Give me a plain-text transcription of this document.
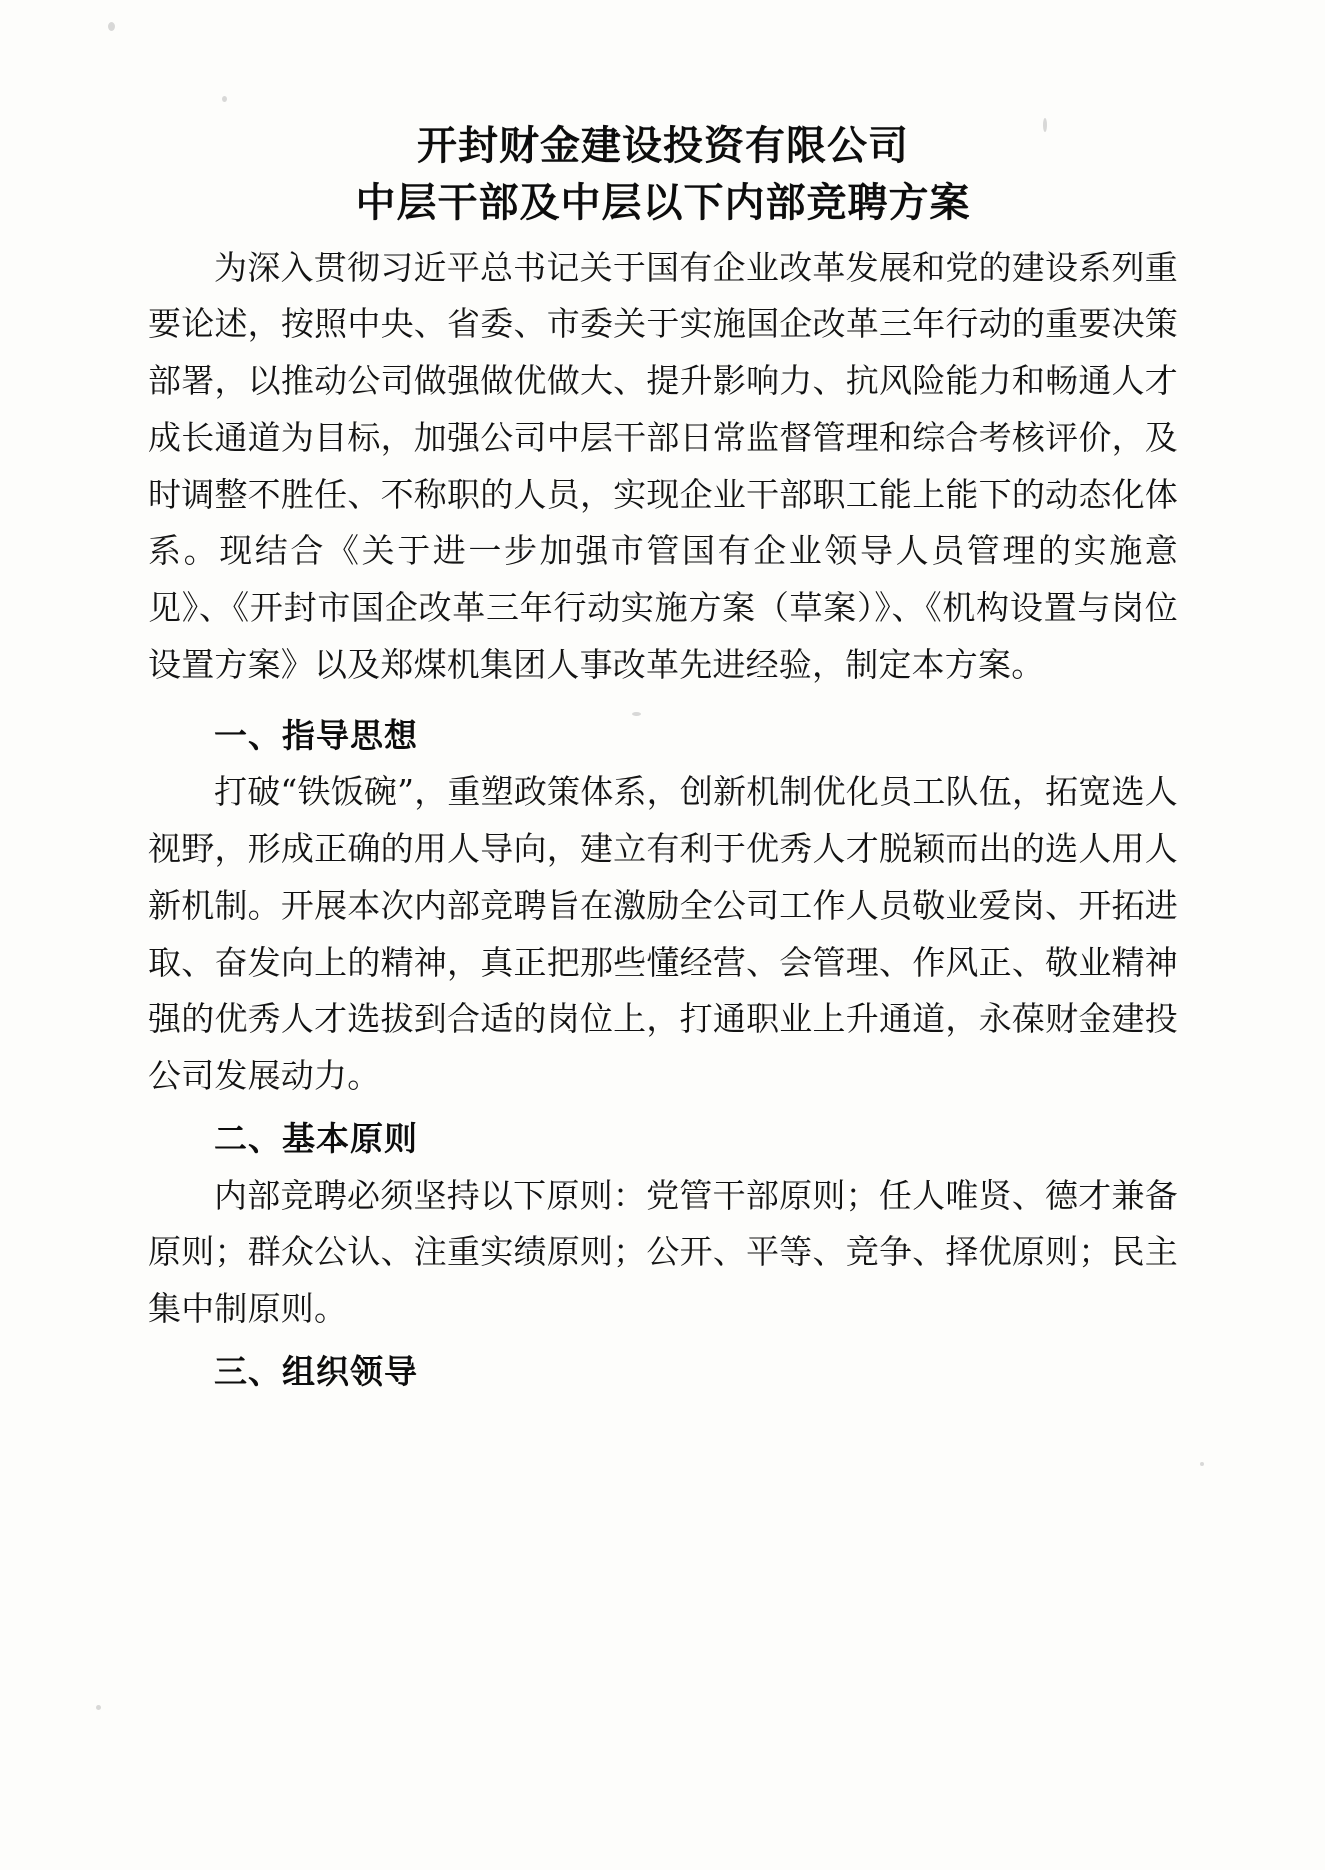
开封财金建设投资有限公司
中层干部及中层以下内部竞聘方案

为深入贯彻习近平总书记关于国有企业改革发展和党的建设系列重要论述，按照中央、省委、市委关于实施国企改革三年行动的重要决策部署，以推动公司做强做优做大、提升影响力、抗风险能力和畅通人才成长通道为目标，加强公司中层干部日常监督管理和综合考核评价，及时调整不胜任、不称职的人员，实现企业干部职工能上能下的动态化体系。现结合《关于进一步加强市管国有企业领导人员管理的实施意见》、《开封市国企改革三年行动实施方案（草案）》、《机构设置与岗位设置方案》以及郑煤机集团人事改革先进经验，制定本方案。

一、指导思想

打破“铁饭碗”，重塑政策体系，创新机制优化员工队伍，拓宽选人视野，形成正确的用人导向，建立有利于优秀人才脱颖而出的选人用人新机制。开展本次内部竞聘旨在激励全公司工作人员敬业爱岗、开拓进取、奋发向上的精神，真正把那些懂经营、会管理、作风正、敬业精神强的优秀人才选拔到合适的岗位上，打通职业上升通道，永葆财金建投公司发展动力。

二、基本原则

内部竞聘必须坚持以下原则：党管干部原则；任人唯贤、德才兼备原则；群众公认、注重实绩原则；公开、平等、竞争、择优原则；民主集中制原则。

三、组织领导
